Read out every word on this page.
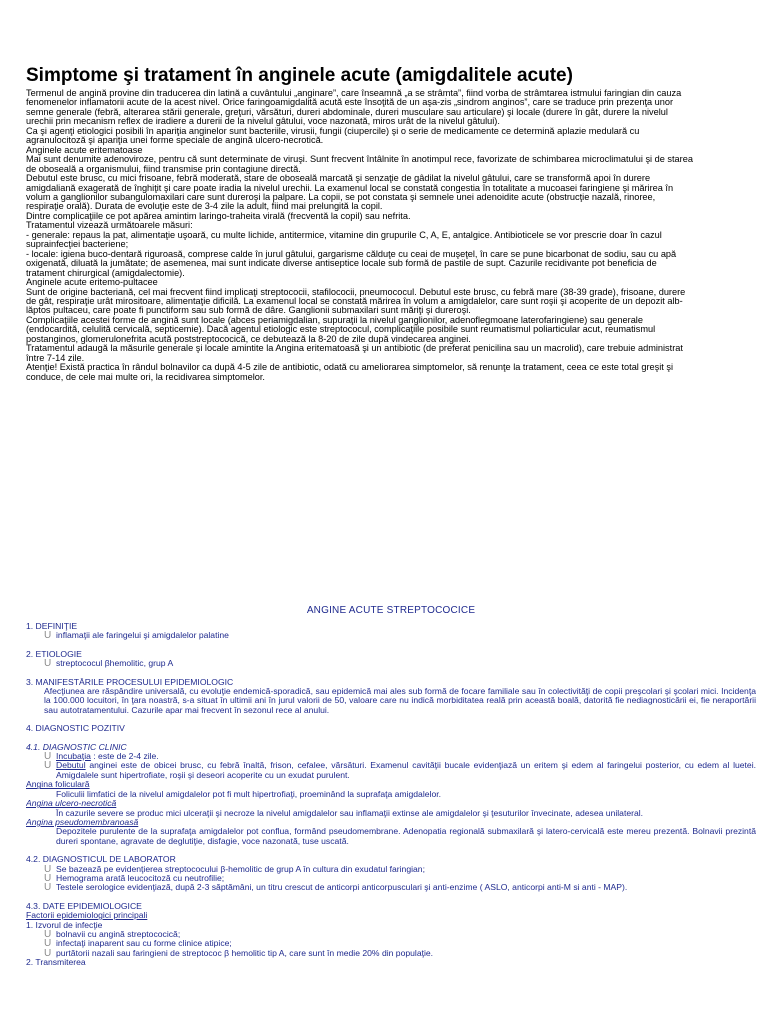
Simptome şi tratament în anginele acute (amigdalitele acute)
Termenul de angină provine din traducerea din latină a cuvântului „anginare”, care înseamnă „a se strâmta”, fiind vorba de strâmtarea istmului faringian din cauza
fenomenelor inflamatorii acute de la acest nivel. Orice faringoamigdalită acută este însoţită de un aşa-zis „sindrom anginos”, care se traduce prin prezenţa unor
semne generale (febră, alterarea stării generale, greţuri, vărsături, dureri abdominale, dureri musculare sau articulare) şi locale (durere în gât, durere la nivelul
urechii prin mecanism reflex de iradiere a durerii de la nivelul gâtului, voce nazonată, miros urât de la nivelul gâtului).
Ca şi agenţi etiologici posibili în apariţia anginelor sunt bacteriile, virusii, fungii (ciupercile) şi o serie de medicamente ce determină aplazie medulară cu
agranulocitoză şi apariţia unei forme speciale de angină ulcero-necrotică.
Anginele acute eritematoase
Mai sunt denumite adenoviroze, pentru că sunt determinate de viruşi. Sunt frecvent întâlnite în anotimpul rece, favorizate de schimbarea microclimatului şi de starea
de oboseală a organismului, fiind transmise prin contagiune directă.
Debutul este brusc, cu mici frisoane, febră moderată, stare de oboseală marcată şi senzaţie de gâdilat la nivelul gâtului, care se transformă apoi în durere
amigdaliană exagerată de înghiţit şi care poate iradia la nivelul urechii. La examenul local se constată congestia în totalitate a mucoasei faringiene şi mărirea în
volum a ganglionilor subangulomaxilari care sunt dureroşi la palpare. La copii, se pot constata şi semnele unei adenoidite acute (obstrucţie nazală, rinoree,
respiraţie orală). Durata de evoluţie este de 3-4 zile la adult, fiind mai prelungită la copil.
Dintre complicaţiile ce pot apărea amintim laringo-traheita virală (frecventă la copil) sau nefrita.
Tratamentul vizează următoarele măsuri:
- generale: repaus la pat, alimentaţie uşoară, cu multe lichide, antitermice, vitamine din grupurile C, A, E, antalgice. Antibioticele se vor prescrie doar în cazul
suprainfecţiei bacteriene;
- locale: igiena buco-dentară riguroasă, comprese calde în jurul gâtului, gargarisme călduţe cu ceai de muşeţel, în care se pune bicarbonat de sodiu, sau cu apă
oxigenată, diluată la jumătate; de asemenea, mai sunt indicate diverse antiseptice locale sub formă de pastile de supt. Cazurile recidivante pot beneficia de
tratament chirurgical (amigdalectomie).
Anginele acute eritemo-pultacee
Sunt de origine bacteriană, cel mai frecvent fiind implicaţi streptococii, stafilococii, pneumococul. Debutul este brusc, cu febră mare (38-39 grade), frisoane, durere
de gât, respiraţie urât mirositoare, alimentaţie dificilă. La examenul local se constată mărirea în volum a amigdalelor, care sunt roşii şi acoperite de un depozit alb-
lăptos pultaceu, care poate fi punctiform sau sub formă de dâre. Ganglionii submaxilari sunt măriţi şi dureroşi.
Complicaţiile acestei forme de angină sunt locale (abces periamigdalian, supuraţii la nivelul ganglionilor, adenoflegmoane laterofaringiene) sau generale
(endocardită, celulită cervicală, septicemie). Dacă agentul etiologic este streptococul, complicaţiile posibile sunt reumatismul poliarticular acut, reumatismul
postanginos, glomerulonefrita acută poststreptococică, ce debutează la 8-20 de zile după vindecarea anginei.
Tratamentul adaugă la măsurile generale şi locale amintite la Angina eritematoasă şi un antibiotic (de preferat penicilina sau un macrolid), care trebuie administrat
între 7-14 zile.
Atenţie! Există practica în rândul bolnavilor ca după 4-5 zile de antibiotic, odată cu ameliorarea simptomelor, să renunţe la tratament, ceea ce este total greşit şi
conduce, de cele mai multe ori, la recidivarea simptomelor.
ANGINE ACUTE STREPTOCOCICE
1. DEFINIŢIE
Ǔ inflamaţii ale faringelui şi amigdalelor palatine
2. ETIOLOGIE
Ǔ streptococul βhemolitic, grup A
3. MANIFESTĂRILE PROCESULUI EPIDEMIOLOGIC
Afecţiunea are răspândire universală, cu evoluţie endemică-sporadică, sau epidemică mai ales sub formă de focare familiale sau în colectivităţi de copii preşcolari şi şcolari mici. Incidenţa la 100.000 locuitori, în ţara noastră, s-a situat în ultimii ani în jurul valorii de 50, valoare care nu indică morbiditatea reală prin această boală, datorită fie nediagnosticării ei, fie neraportării sau autotratamentului. Cazurile apar mai frecvent în sezonul rece al anului.
4. DIAGNOSTIC POZITIV
4.1. DIAGNOSTIC CLINIC
Ǔ Incubaţia : este de 2-4 zile.
Ǔ Debutul anginei este de obicei brusc, cu febră înaltă, frison, cefalee, vărsături. Examenul cavităţii bucale evidenţiază un eritem şi edem al faringelui posterior, cu edem al luetei. Amigdalele sunt hipertrofiate, roşii şi deseori acoperite cu un exudat purulent.
Angina foliculară
Foliculii limfatici de la nivelul amigdalelor pot fi mult hipertrofiaţi, proeminând la suprafaţa amigdalelor.
Angina ulcero-necrotică
În cazurile severe se produc mici ulceraţii şi necroze la nivelul amigdalelor sau inflamaţii extinse ale amigdalelor şi ţesuturilor învecinate, adesea unilateral.
Angina pseudomembranoasă
Depozitele purulente de la suprafaţa amigdalelor pot conflua, formând pseudomembrane. Adenopatia regională submaxilară şi latero-cervicală este mereu prezentă. Bolnavii prezintă dureri spontane, agravate de deglutiţie, disfagie, voce nazonată, tuse uscată.
4.2. DIAGNOSTICUL DE LABORATOR
Ǔ Se bazează pe evidenţierea streptococului β-hemolitic de grup A în cultura din exudatul faringian;
Ǔ Hemograma arată leucocitoză cu neutrofilie;
Ǔ Testele serologice evidenţiază, după 2-3 săptămâni, un titru crescut de anticorpi anticorpusculari şi anti-enzime ( ASLO, anticorpi anti-M si anti - MAP).
4.3. DATE EPIDEMIOLOGICE
Factorii epidemiologici principali
1. Izvorul de infecţie
Ǔ bolnavii cu angină streptococică;
Ǔ infectaţi inaparent sau cu forme clinice atipice;
Ǔ purtătorii nazali sau faringieni de streptococ β hemolitic tip A, care sunt în medie 20% din populaţie.
2. Transmiterea
